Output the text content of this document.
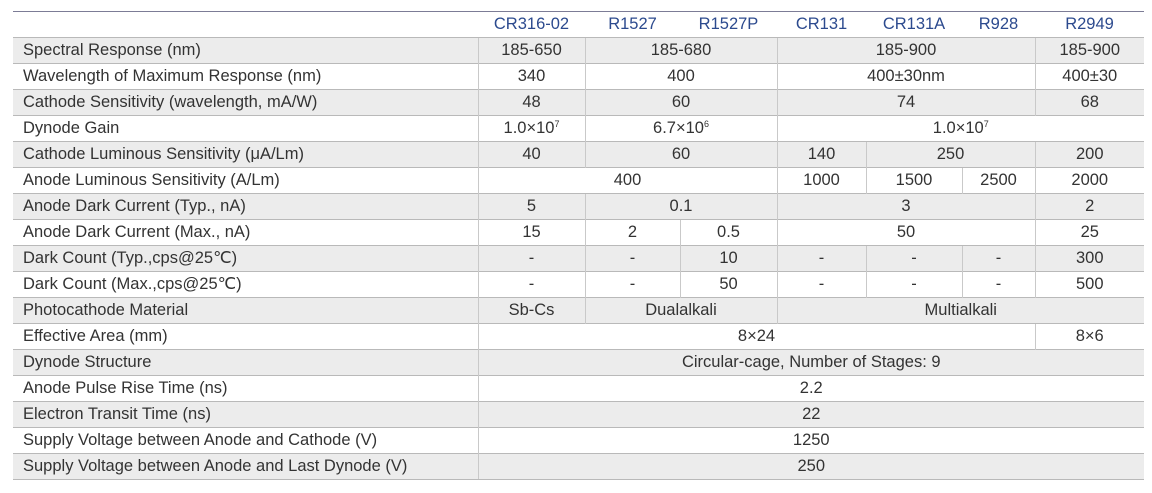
	CR316-02	R1527	R1527P	CR131	CR131A	R928	R2949
Spectral Response (nm)	185-650	185-680		185-900			185-900
Wavelength of Maximum Response (nm)	340	400		400±30nm			400±30
Cathode Sensitivity (wavelength, mA/W)	48	60		74			68
Dynode Gain	$1.0\times 10^7$	$6.7\times 10^6$		$1.0\times 10^7$
Cathode Luminous Sensitivity (μA/Lm)	40	60		140	250		200
Anode Luminous Sensitivity (A/Lm)	400			1000	1500	2500	2000
Anode Dark Current (Typ., nA)	5	0.1		3			2
Anode Dark Current (Max., nA)	15	2	0.5	50			25
Dark Count (Typ.,cps@25℃)	-	-	10	-	-	-	300
Dark Count (Max.,cps@25℃)	-	-	50	-	-	-	500
Photocathode Material	Sb-Cs	Dualalkali		Multialkali			
Effective Area (mm)	8×24						8×6
Dynode Structure	Circular-cage, Number of Stages: 9						
Anode Pulse Rise Time (ns)	2.2						
Electron Transit Time (ns)	22						
Supply Voltage between Anode and Cathode (V)	1250						
Supply Voltage between Anode and Last Dynode (V)	250						
